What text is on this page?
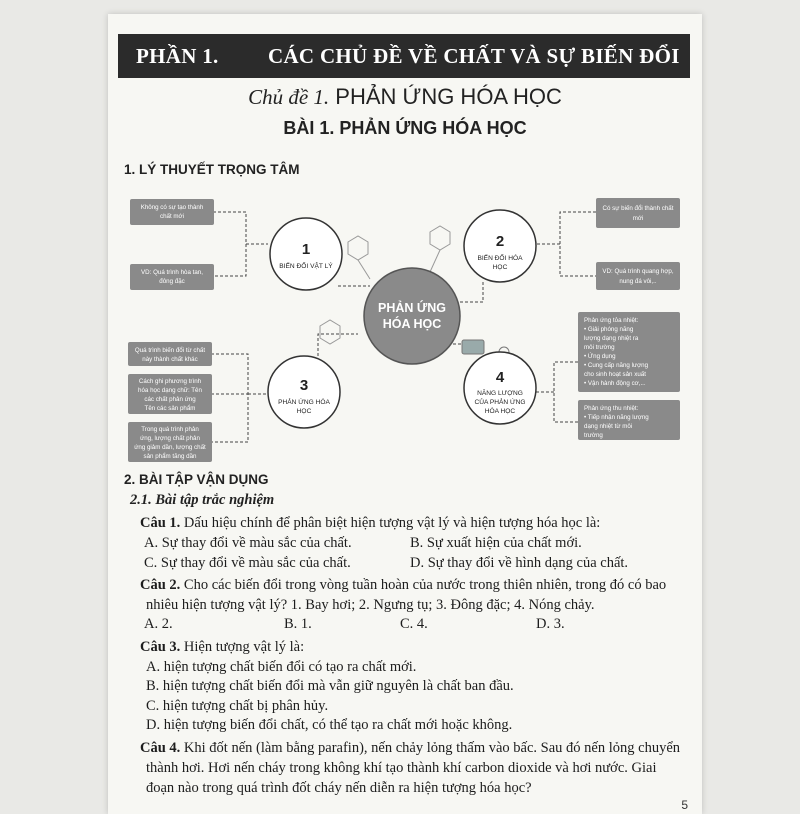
PHẦN 1. CÁC CHỦ ĐỀ VỀ CHẤT VÀ SỰ BIẾN ĐỔI
Chủ đề 1. PHẢN ỨNG HÓA HỌC
BÀI 1. PHẢN ỨNG HÓA HỌC
1. LÝ THUYẾT TRỌNG TÂM
Không có sự tạo thành
chất mới
VD: Quá trình hòa tan,
đông đặc
Quá trình biến đổi từ chất
này thành chất khác
Cách ghi phương trình
hóa học dạng chữ: Tên
các chất phản ứng
Tên các sản phẩm
Trong quá trình phản
ứng, lượng chất phản
ứng giảm dần, lượng chất
sản phẩm tăng dần
Có sự biến đổi thành chất
mới
VD: Quá trình quang hợp,
nung đá vôi,..
Phản ứng tỏa nhiệt:
• Giải phóng năng
lượng dạng nhiệt ra
môi trường
• Ứng dụng
• Cung cấp năng lượng
cho sinh hoạt sản xuất
• Vận hành động cơ,...
Phản ứng thu nhiệt:
• Tiếp nhận năng lượng
dạng nhiệt từ môi
trường
PHẢN ỨNG
HÓA HỌC
1
BIẾN ĐỔI VẬT LÝ
2
BIẾN ĐỔI HÓA
HỌC
3
PHẢN ỨNG HÓA
HỌC
4
NĂNG LƯỢNG
CỦA PHẢN ỨNG
HÓA HỌC
2. BÀI TẬP VẬN DỤNG
2.1. Bài tập trắc nghiệm
Câu 1. Dấu hiệu chính để phân biệt hiện tượng vật lý và hiện tượng hóa học là:
A. Sự thay đổi về màu sắc của chất.	B. Sự xuất hiện của chất mới.
C. Sự thay đổi về màu sắc của chất.	D. Sự thay đổi về hình dạng của chất.
Câu 2. Cho các biến đổi trong vòng tuần hoàn của nước trong thiên nhiên, trong đó có bao
nhiêu hiện tượng vật lý? 1. Bay hơi; 2. Ngưng tụ; 3. Đông đặc; 4. Nóng chảy.
A. 2.	B. 1.	C. 4.	D. 3.
Câu 3. Hiện tượng vật lý là:
A. hiện tượng chất biến đổi có tạo ra chất mới.
B. hiện tượng chất biến đổi mà vẫn giữ nguyên là chất ban đầu.
C. hiện tượng chất bị phân hủy.
D. hiện tượng biến đổi chất, có thể tạo ra chất mới hoặc không.
Câu 4. Khi đốt nến (làm bằng parafin), nến chảy lỏng thấm vào bấc. Sau đó nến lỏng chuyển
thành hơi. Hơi nến cháy trong không khí tạo thành khí carbon dioxide và hơi nước. Giai
đoạn nào trong quá trình đốt cháy nến diễn ra hiện tượng hóa học?
5
